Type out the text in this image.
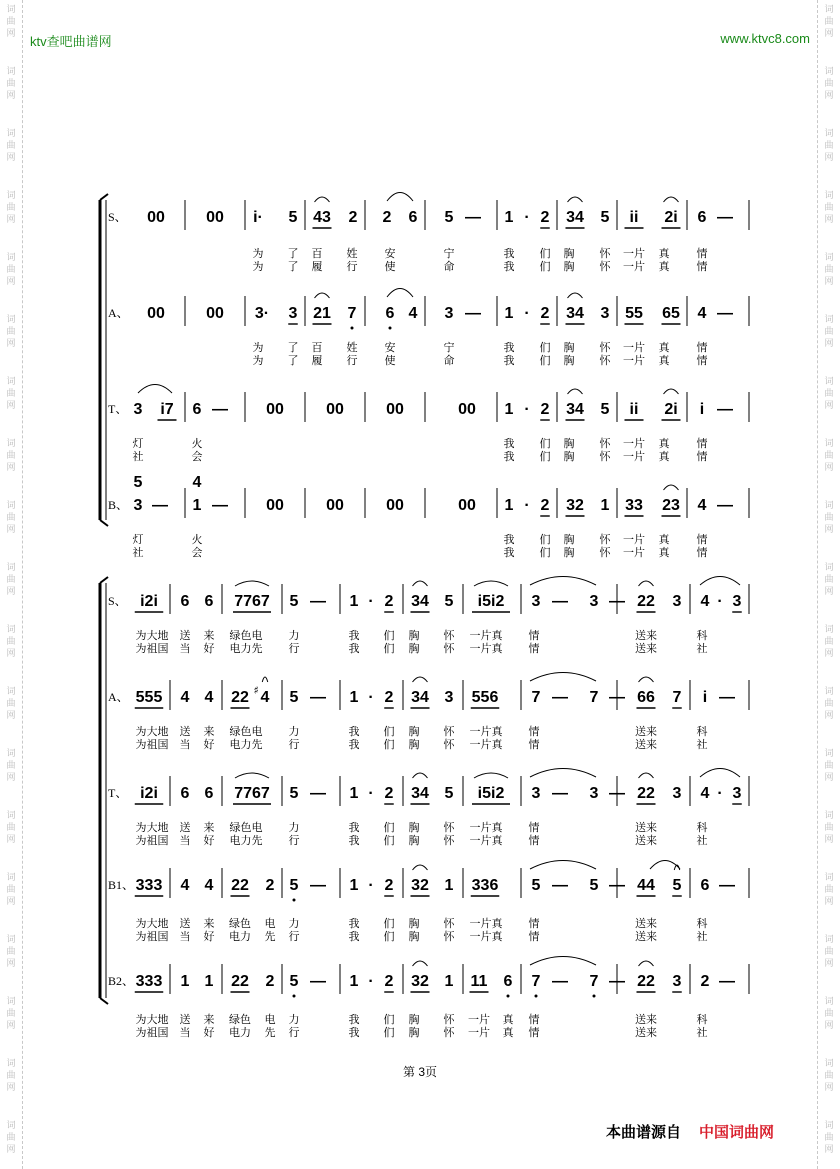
词
曲
网
词
曲
网
词
曲
网
词
曲
网
词
曲
网
词
曲
网
词
曲
网
词
曲
网
词
曲
网
词
曲
网
词
曲
网
词
曲
网
词
曲
网
词
曲
网
词
曲
网
词
曲
网
词
曲
网
词
曲
网
词
曲
网
词
曲
网
词
曲
网
词
曲
网
词
曲
网
词
曲
网
词
曲
网
词
曲
网
词
曲
网
词
曲
网
词
曲
网
词
曲
网
词
曲
网
词
曲
网
词
曲
网
词
曲
网
词
曲
网
词
曲
网
词
曲
网
词
曲
网
ktv查吧曲谱网	www.ktvc8.com
S、 00	00 i· 5 43 2 2 6 5 — 1 · 2 34 5 ii 2i 6 —
为 了 百 姓 安	宁	我 们 胸 怀 一片 真 情
为 了 履 行 使	命	我 们 胸 怀 一片 真 情
A、 00	00 3· 3 21 7 6 4 3 — 1 · 2 34 3 55 65 4 —
为 了 百 姓 安	宁	我 们 胸 怀 一片 真 情
为 了 履 行 使	命	我 们 胸 怀 一片 真 情
T、 3 i7 6 — 00	00	00	00 1 · 2 34 5 ii 2i i —
灯	火	我 们 胸 怀 一片 真 情
社	会	我 们 胸 怀 一片 真 情
B、
5	4
3 — 1 — 00	00	00	00 1 · 2 32 1 33 23 4 —
灯	火	我 们 胸 怀 一片 真 情
社	会	我 们 胸 怀 一片 真 情
S、 i2i 6 6 7767 5 — 1 · 2 34 5 i5i2 3 — 3 — 22 3 4 · 3
为大地 送 来 绿色电 力	我 们 胸 怀 一片真 情	送来	科
为祖国 当 好 电力先 行	我 们 胸 怀 一片真 情	送来	社
A、 555 4 4 22 4
♯ 5 — 1 · 2 34 3 556 7 — 7 — 66 7 i —
为大地 送 来 绿色电 力	我 们 胸 怀 一片真 情	送来	科
为祖国 当 好 电力先 行	我 们 胸 怀 一片真 情	送来	社
T、 i2i 6 6 7767 5 — 1 · 2 34 5 i5i2 3 — 3 — 22 3 4 · 3
为大地 送 来 绿色电 力	我 们 胸 怀 一片真 情	送来	科
为祖国 当 好 电力先 行	我 们 胸 怀 一片真 情	送来	社
B1、 333 4 4 22 2 5 — 1 · 2 32 1 336 5 — 5 — 44 5 6 —
为大地 送 来 绿色 电 力	我 们 胸 怀 一片真 情	送来	科
为祖国 当 好 电力 先 行	我 们 胸 怀 一片真 情	送来	社
B2、 333 1 1 22 2 5 — 1 · 2 32 1 11 6 7 — 7 — 22 3 2 —
为大地 送 来 绿色 电 力	我 们 胸 怀 一片 真 情	送来	科
为祖国 当 好 电力 先 行	我 们 胸 怀 一片 真 情	送来	社
第 3页
本曲谱源自 中国词曲网
